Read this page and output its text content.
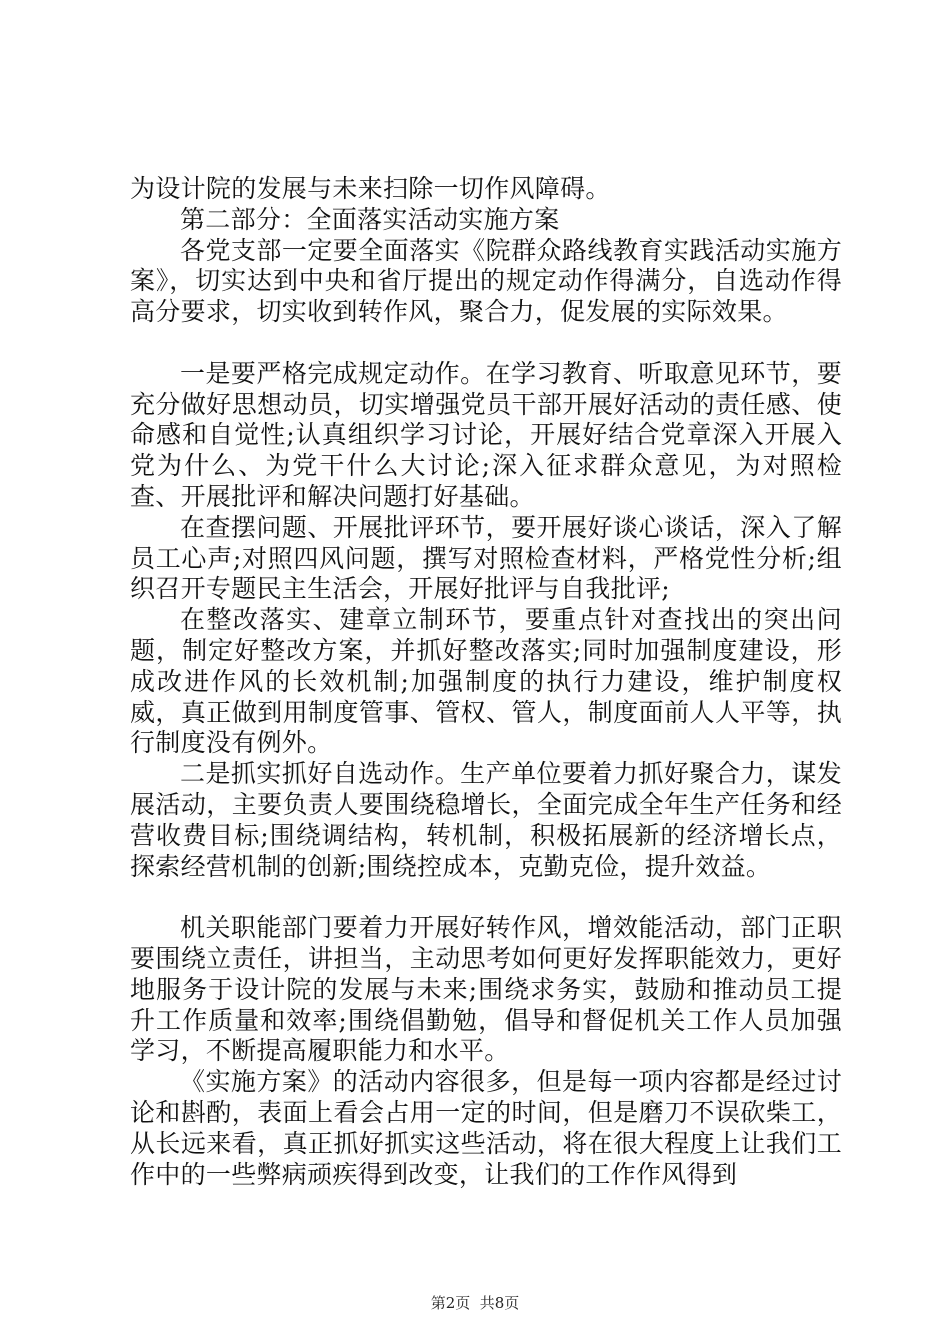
为设计院的发展与未来扫除一切作风障碍。

第二部分：全面落实活动实施方案

各党支部一定要全面落实《院群众路线教育实践活动实施方案》，切实达到中央和省厅提出的规定动作得满分，自选动作得高分要求，切实收到转作风，聚合力，促发展的实际效果。

一是要严格完成规定动作。在学习教育、听取意见环节，要充分做好思想动员，切实增强党员干部开展好活动的责任感、使命感和自觉性;认真组织学习讨论，开展好结合党章深入开展入党为什么、为党干什么大讨论;深入征求群众意见，为对照检查、开展批评和解决问题打好基础。

在查摆问题、开展批评环节，要开展好谈心谈话，深入了解员工心声;对照四风问题，撰写对照检查材料，严格党性分析;组织召开专题民主生活会，开展好批评与自我批评;

在整改落实、建章立制环节，要重点针对查找出的突出问题，制定好整改方案，并抓好整改落实;同时加强制度建设，形成改进作风的长效机制;加强制度的执行力建设，维护制度权威，真正做到用制度管事、管权、管人，制度面前人人平等，执行制度没有例外。

二是抓实抓好自选动作。生产单位要着力抓好聚合力，谋发展活动，主要负责人要围绕稳增长，全面完成全年生产任务和经营收费目标;围绕调结构，转机制，积极拓展新的经济增长点，探索经营机制的创新;围绕控成本，克勤克俭，提升效益。

机关职能部门要着力开展好转作风，增效能活动，部门正职要围绕立责任，讲担当，主动思考如何更好发挥职能效力，更好地服务于设计院的发展与未来;围绕求务实，鼓励和推动员工提升工作质量和效率;围绕倡勤勉，倡导和督促机关工作人员加强学习，不断提高履职能力和水平。

《实施方案》的活动内容很多，但是每一项内容都是经过讨论和斟酌，表面上看会占用一定的时间，但是磨刀不误砍柴工，从长远来看，真正抓好抓实这些活动，将在很大程度上让我们工作中的一些弊病顽疾得到改变，让我们的工作作风得到

第2页  共8页
